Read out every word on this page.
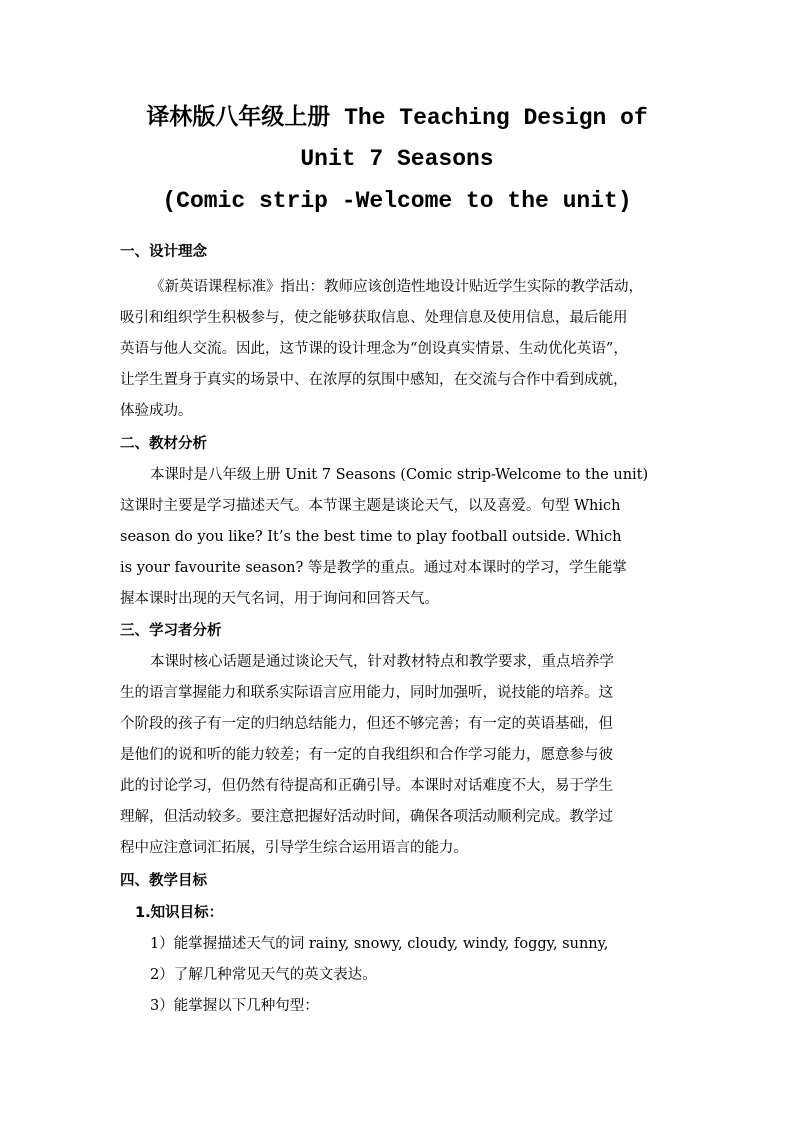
译林版八年级上册 The Teaching Design of
Unit 7 Seasons
(Comic strip -Welcome to the unit)
一、设计理念
《新英语课程标准》指出：教师应该创造性地设计贴近学生实际的教学活动，
吸引和组织学生积极参与，使之能够获取信息、处理信息及使用信息，最后能用
英语与他人交流。因此，这节课的设计理念为“创设真实情景、生动优化英语”，
让学生置身于真实的场景中、在浓厚的氛围中感知，在交流与合作中看到成就，
体验成功。
二、教材分析
本课时是八年级上册 Unit 7 Seasons (Comic strip-Welcome to the unit)
这课时主要是学习描述天气。本节课主题是谈论天气，以及喜爱。句型 Which
season do you like? It’s the best time to play football outside. Which
is your favourite season? 等是教学的重点。通过对本课时的学习，学生能掌
握本课时出现的天气名词，用于询问和回答天气。
三、学习者分析
本课时核心话题是通过谈论天气，针对教材特点和教学要求，重点培养学
生的语言掌握能力和联系实际语言应用能力，同时加强听，说技能的培养。这
个阶段的孩子有一定的归纳总结能力，但还不够完善；有一定的英语基础，但
是他们的说和听的能力较差；有一定的自我组织和合作学习能力，愿意参与彼
此的讨论学习，但仍然有待提高和正确引导。本课时对话难度不大，易于学生
理解，但活动较多。要注意把握好活动时间，确保各项活动顺利完成。教学过
程中应注意词汇拓展，引导学生综合运用语言的能力。
四、教学目标
1.知识目标：
1）能掌握描述天气的词 rainy, snowy, cloudy, windy, foggy, sunny,
2）了解几种常见天气的英文表达。
3）能掌握以下几种句型：
